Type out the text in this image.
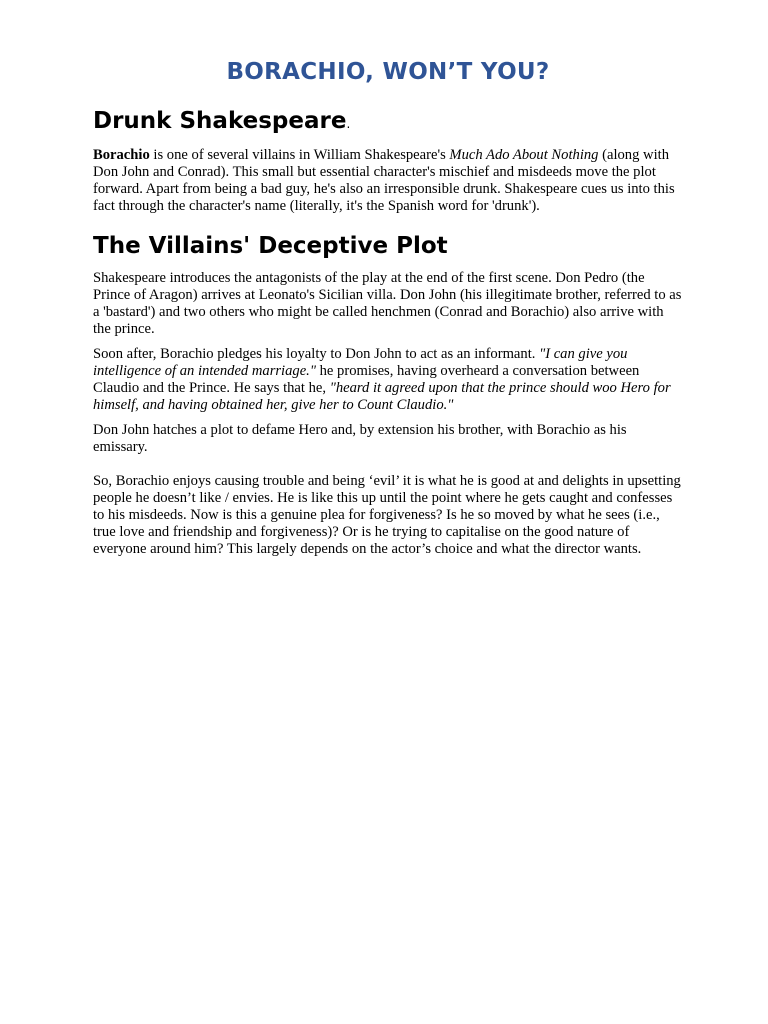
BORACHIO, WON’T YOU?
Drunk Shakespeare.

Borachio is one of several villains in William Shakespeare's Much Ado About Nothing (along with Don John and Conrad). This small but essential character's mischief and misdeeds move the plot forward. Apart from being a bad guy, he's also an irresponsible drunk. Shakespeare cues us into this fact through the character's name (literally, it's the Spanish word for 'drunk').

The Villains' Deceptive Plot

Shakespeare introduces the antagonists of the play at the end of the first scene. Don Pedro (the Prince of Aragon) arrives at Leonato's Sicilian villa. Don John (his illegitimate brother, referred to as a 'bastard') and two others who might be called henchmen (Conrad and Borachio) also arrive with the prince.

Soon after, Borachio pledges his loyalty to Don John to act as an informant. "I can give you intelligence of an intended marriage." he promises, having overheard a conversation between Claudio and the Prince. He says that he, "heard it agreed upon that the prince should woo Hero for himself, and having obtained her, give her to Count Claudio."

Don John hatches a plot to defame Hero and, by extension his brother, with Borachio as his emissary.

So, Borachio enjoys causing trouble and being ‘evil’ it is what he is good at and delights in upsetting people he doesn’t like / envies. He is like this up until the point where he gets caught and confesses to his misdeeds. Now is this a genuine plea for forgiveness? Is he so moved by what he sees (i.e., true love and friendship and forgiveness)? Or is he trying to capitalise on the good nature of everyone around him? This largely depends on the actor’s choice and what the director wants.
